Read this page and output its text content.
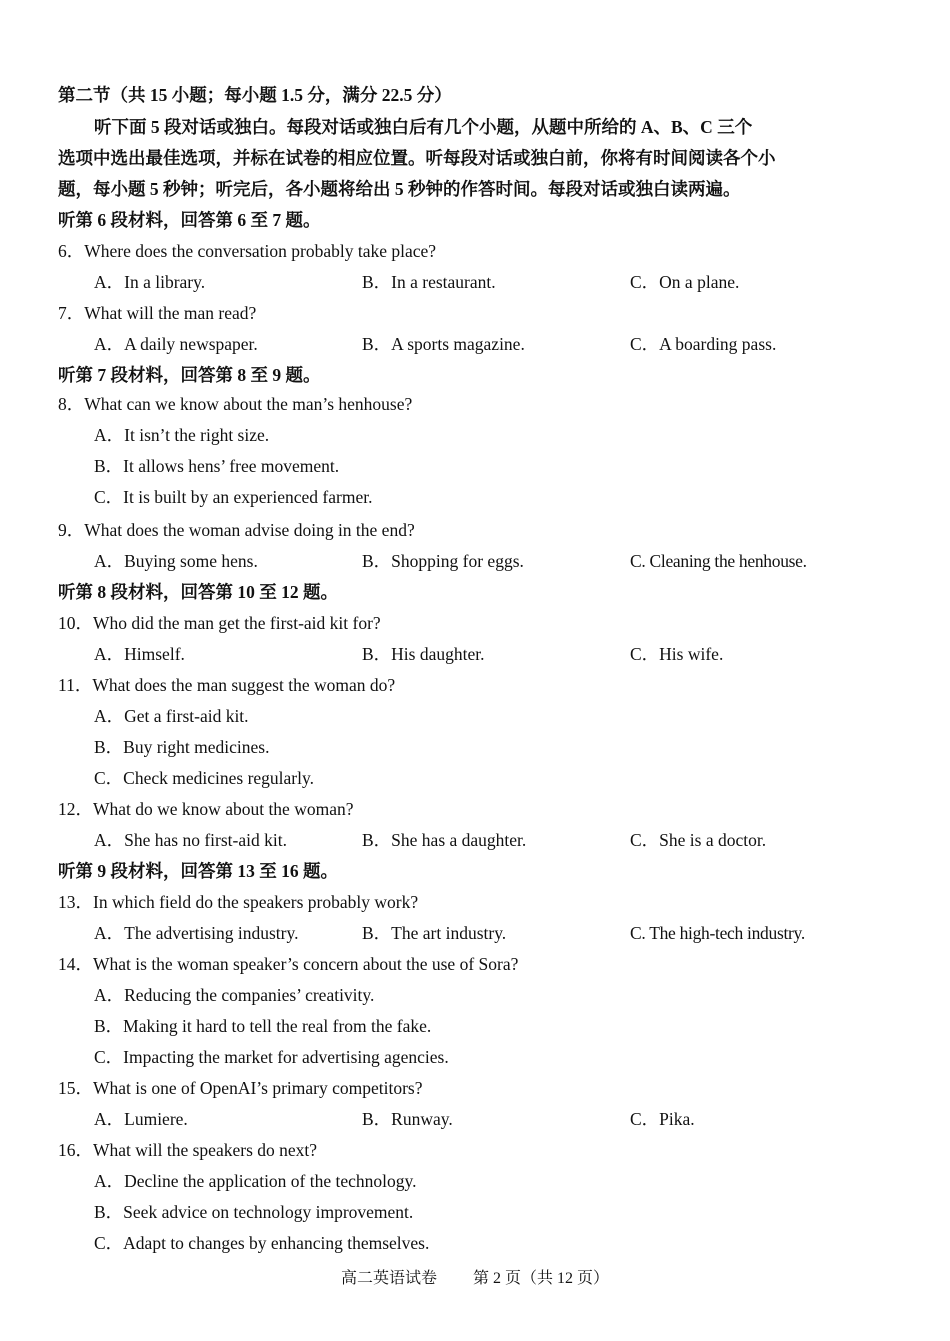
第二节（共 15 小题；每小题 1.5 分，满分 22.5 分）
听下面 5 段对话或独白。每段对话或独白后有几个小题，从题中所给的 A、B、C 三个
选项中选出最佳选项，并标在试卷的相应位置。听每段对话或独白前，你将有时间阅读各个小
题，每小题 5 秒钟；听完后，各小题将给出 5 秒钟的作答时间。每段对话或独白读两遍。
听第 6 段材料，回答第 6 至 7 题。
6．Where does the conversation probably take place?
A．In a library.	B．In a restaurant.	C．On a plane.
7．What will the man read?
A．A daily newspaper.	B．A sports magazine.	C．A boarding pass.
听第 7 段材料，回答第 8 至 9 题。
8．What can we know about the man’s henhouse?
A．It isn’t the right size.
B．It allows hens’ free movement.
C．It is built by an experienced farmer.
9．What does the woman advise doing in the end?
A．Buying some hens.	B．Shopping for eggs.	C. Cleaning the henhouse.
听第 8 段材料，回答第 10 至 12 题。
10．Who did the man get the first-aid kit for?
A．Himself.	B．His daughter.	C．His wife.
11．What does the man suggest the woman do?
A．Get a first-aid kit.
B．Buy right medicines.
C．Check medicines regularly.
12．What do we know about the woman?
A．She has no first-aid kit.	B．She has a daughter.	C．She is a doctor.
听第 9 段材料，回答第 13 至 16 题。
13．In which field do the speakers probably work?
A．The advertising industry.	B．The art industry.	C. The high-tech industry.
14．What is the woman speaker’s concern about the use of Sora?
A．Reducing the companies’ creativity.
B．Making it hard to tell the real from the fake.
C．Impacting the market for advertising agencies.
15．What is one of OpenAI’s primary competitors?
A．Lumiere.	B．Runway.	C．Pika.
16．What will the speakers do next?
A．Decline the application of the technology.
B．Seek advice on technology improvement.
C．Adapt to changes by enhancing themselves.
高二英语试卷 第 2 页（共 12 页）
